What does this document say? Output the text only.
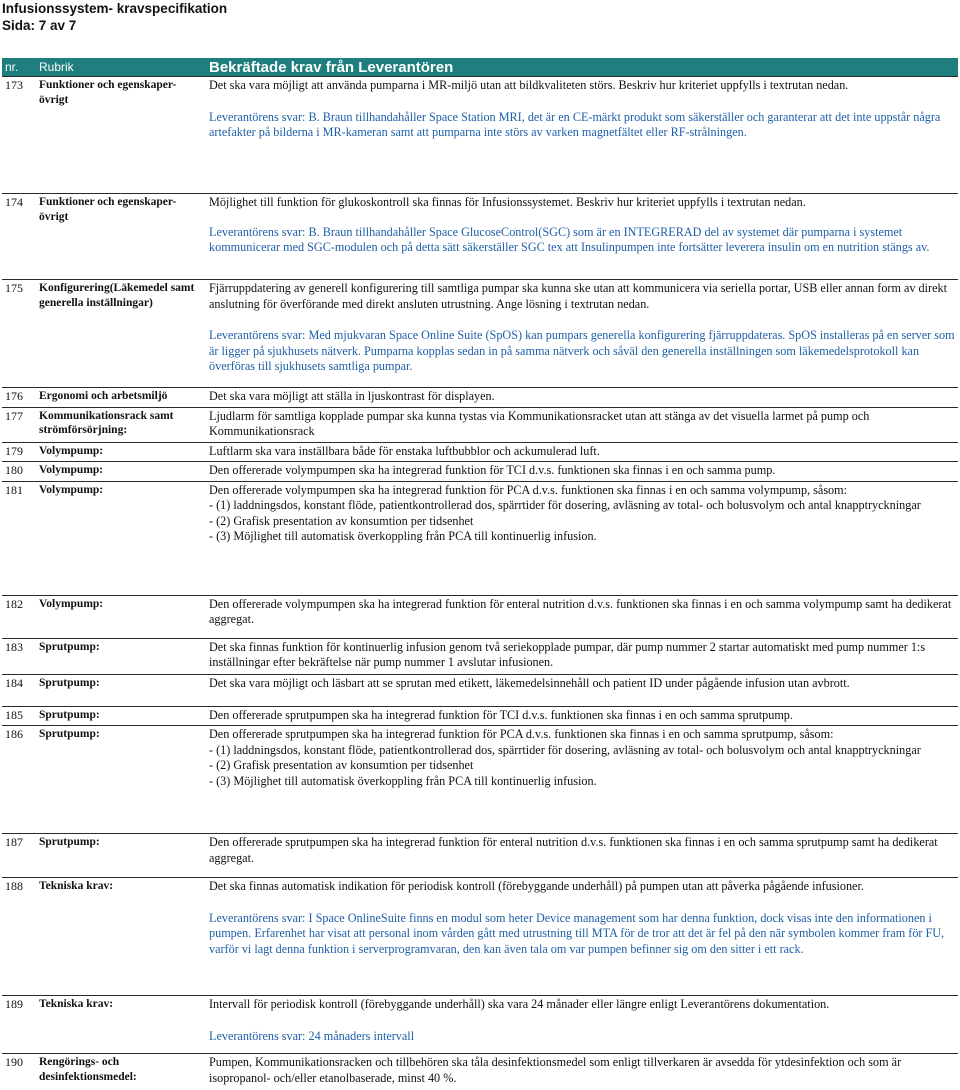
Infusionssystem- kravspecifikation
Sida: 7 av 7
nr.	Rubrik	Bekräftade krav från Leverantören
173	Funktioner och egenskaper-övrigt	Det ska vara möjligt att använda pumparna i MR-miljö utan att bildkvaliteten störs. Beskriv hur kriteriet uppfylls i textrutan nedan.
Leverantörens svar: B. Braun tillhandahåller Space Station MRI, det är en CE-märkt produkt som säkerställer och garanterar att det inte uppstår några artefakter på bilderna i MR-kameran samt att pumparna inte störs av varken magnetfältet eller RF-strålningen.

174	Funktioner och egenskaper-övrigt	Möjlighet till funktion för glukoskontroll ska finnas för Infusionssystemet. Beskriv hur kriteriet uppfylls i textrutan nedan.
Leverantörens svar: B. Braun tillhandahåller Space GlucoseControl(SGC) som är en INTEGRERAD del av systemet där pumparna i systemet kommunicerar med SGC-modulen och på detta sätt säkerställer SGC tex att Insulinpumpen inte fortsätter leverera insulin om en nutrition stängs av.

175	Konfigurering(Läkemedel samt generella inställningar)	Fjärruppdatering av generell konfigurering till samtliga pumpar ska kunna ske utan att kommunicera via seriella portar, USB eller annan form av direkt anslutning för överförande med direkt ansluten utrustning. Ange lösning i textrutan nedan.
Leverantörens svar: Med mjukvaran Space Online Suite (SpOS) kan pumpars generella konfigurering fjärruppdateras. SpOS installeras på en server som är ligger på sjukhusets nätverk. Pumparna kopplas sedan in på samma nätverk och såväl den generella inställningen som läkemedelsprotokoll kan överföras till sjukhusets samtliga pumpar.

176	Ergonomi och arbetsmiljö	Det ska vara möjligt att ställa in ljuskontrast för displayen.
177	Kommunikationsrack samt strömförsörjning:	Ljudlarm för samtliga kopplade pumpar ska kunna tystas via Kommunikationsracket utan att stänga av det visuella larmet på pump och Kommunikationsrack
179	Volympump:	Luftlarm ska vara inställbara både för enstaka luftbubblor och ackumulerad luft.
180	Volympump:	Den offererade volympumpen ska ha integrerad funktion för TCI d.v.s. funktionen ska finnas i en och samma pump.
181	Volympump:	Den offererade volympumpen ska ha integrerad funktion för PCA d.v.s. funktionen ska finnas i en och samma volympump, såsom:
- (1) laddningsdos, konstant flöde, patientkontrollerad dos, spärrtider för dosering, avläsning av total- och bolusvolym och antal knapptryckningar
- (2) Grafisk presentation av konsumtion per tidsenhet
- (3) Möjlighet till automatisk överkoppling från PCA till kontinuerlig infusion.

182	Volympump:	Den offererade volympumpen ska ha integrerad funktion för enteral nutrition d.v.s. funktionen ska finnas i en och samma volympump samt ha dedikerat aggregat.
183	Sprutpump:	Det ska finnas funktion för kontinuerlig infusion genom två seriekopplade pumpar, där pump nummer 2 startar automatiskt med pump nummer 1:s inställningar efter bekräftelse när pump nummer 1 avslutar infusionen.
184	Sprutpump:	Det ska vara möjligt och läsbart att se sprutan med etikett, läkemedelsinnehåll och patient ID under pågående infusion utan avbrott.
185	Sprutpump:	Den offererade sprutpumpen ska ha integrerad funktion för TCI d.v.s. funktionen ska finnas i en och samma sprutpump.
186	Sprutpump:	Den offererade sprutpumpen ska ha integrerad funktion för PCA d.v.s. funktionen ska finnas i en och samma sprutpump, såsom:
- (1) laddningsdos, konstant flöde, patientkontrollerad dos, spärrtider för dosering, avläsning av total- och bolusvolym och antal knapptryckningar
- (2) Grafisk presentation av konsumtion per tidsenhet
- (3) Möjlighet till automatisk överkoppling från PCA till kontinuerlig infusion.

187	Sprutpump:	Den offererade sprutpumpen ska ha integrerad funktion för enteral nutrition d.v.s. funktionen ska finnas i en och samma sprutpump samt ha dedikerat aggregat.
188	Tekniska krav:	Det ska finnas automatisk indikation för periodisk kontroll (förebyggande underhåll) på pumpen utan att påverka pågående infusioner.
Leverantörens svar: I Space OnlineSuite finns en modul som heter Device management som har denna funktion, dock visas inte den informationen i pumpen. Erfarenhet har visat att personal inom vården gått med utrustning till MTA för de tror att det är fel på den när symbolen kommer fram för FU, varför vi lagt denna funktion i serverprogramvaran, den kan även tala om var pumpen befinner sig om den sitter i ett rack.

189	Tekniska krav:	Intervall för periodisk kontroll (förebyggande underhåll) ska vara 24 månader eller längre enligt Leverantörens dokumentation.
Leverantörens svar: 24 månaders intervall

190	Rengörings- och desinfektionsmedel:	Pumpen, Kommunikationsracken och tillbehören ska tåla desinfektionsmedel som enligt tillverkaren är avsedda för ytdesinfektion och som är isopropanol- och/eller etanolbaserade, minst 40 %.
